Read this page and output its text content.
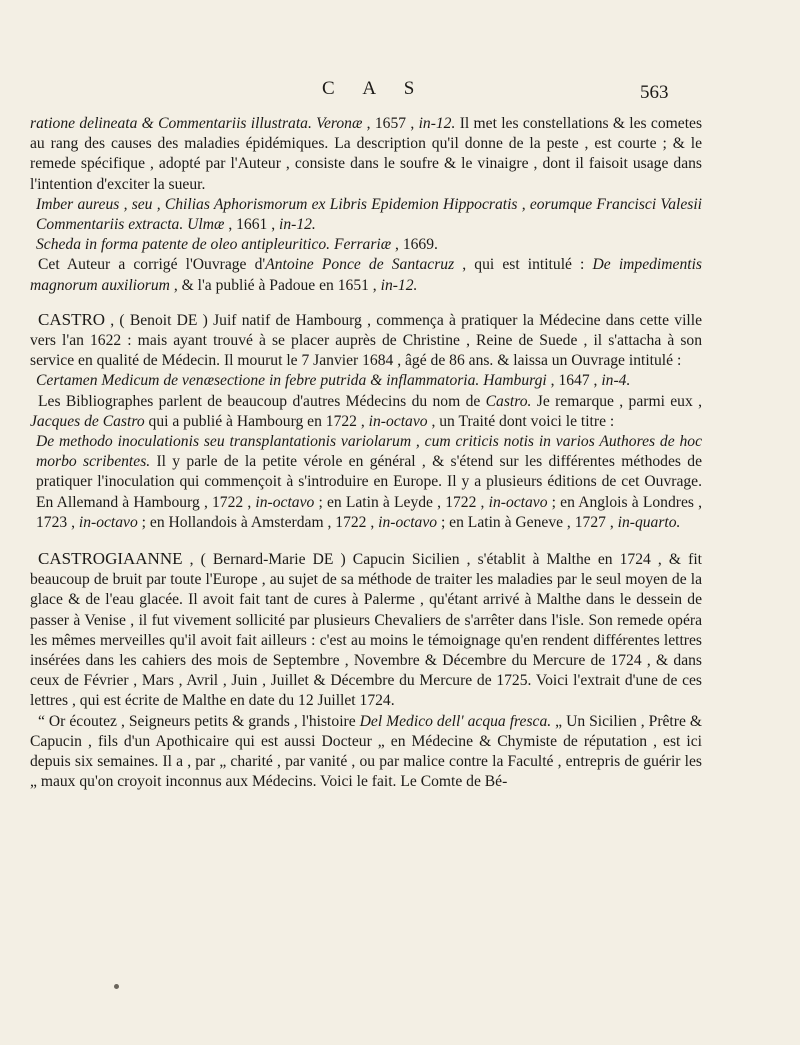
C A S	563

ratione delineata & Commentariis illustrata. Veronæ , 1657 , in-12. Il met les constellations & les cometes au rang des causes des maladies épidémiques. La description qu'il donne de la peste , est courte ; & le remede spécifique , adopté par l'Auteur , consiste dans le soufre & le vinaigre , dont il faisoit usage dans l'intention d'exciter la sueur.

Imber aureus , seu , Chilias Aphorismorum ex Libris Epidemion Hippocratis , eorumque Francisci Valesii Commentariis extracta. Ulmæ , 1661 , in-12.

Scheda in forma patente de oleo antipleuritico. Ferrariæ , 1669.

Cet Auteur a corrigé l'Ouvrage d'Antoine Ponce de Santacruz , qui est intitulé : De impedimentis magnorum auxiliorum , & l'a publié à Padoue en 1651 , in-12.

CASTRO , ( Benoit DE ) Juif natif de Hambourg , commença à pratiquer la Médecine dans cette ville vers l'an 1622 : mais ayant trouvé à se placer auprès de Christine , Reine de Suede , il s'attacha à son service en qualité de Médecin. Il mourut le 7 Janvier 1684 , âgé de 86 ans. & laissa un Ouvrage intitulé :

Certamen Medicum de venæsectione in febre putrida & inflammatoria. Hamburgi , 1647 , in-4.

Les Bibliographes parlent de beaucoup d'autres Médecins du nom de Castro. Je remarque , parmi eux , Jacques de Castro qui a publié à Hambourg en 1722 , in-octavo , un Traité dont voici le titre :

De methodo inoculationis seu transplantationis variolarum , cum criticis notis in varios Authores de hoc morbo scribentes. Il y parle de la petite vérole en général , & s'étend sur les différentes méthodes de pratiquer l'inoculation qui commençoit à s'introduire en Europe. Il y a plusieurs éditions de cet Ouvrage. En Allemand à Hambourg , 1722 , in-octavo ; en Latin à Leyde , 1722 , in-octavo ; en Anglois à Londres , 1723 , in-octavo ; en Hollandois à Amsterdam , 1722 , in-octavo ; en Latin à Geneve , 1727 , in-quarto.

CASTROGIAANNE , ( Bernard-Marie DE ) Capucin Sicilien , s'établit à Malthe en 1724 , & fit beaucoup de bruit par toute l'Europe , au sujet de sa méthode de traiter les maladies par le seul moyen de la glace & de l'eau glacée. Il avoit fait tant de cures à Palerme , qu'étant arrivé à Malthe dans le dessein de passer à Venise , il fut vivement sollicité par plusieurs Chevaliers de s'arrêter dans l'isle. Son remede opéra les mêmes merveilles qu'il avoit fait ailleurs : c'est au moins le témoignage qu'en rendent différentes lettres insérées dans les cahiers des mois de Septembre , Novembre & Décembre du Mercure de 1724 , & dans ceux de Février , Mars , Avril , Juin , Juillet & Décembre du Mercure de 1725. Voici l'extrait d'une de ces lettres , qui est écrite de Malthe en date du 12 Juillet 1724.

“ Or écoutez , Seigneurs petits & grands , l'histoire Del Medico dell' acqua fresca. „ Un Sicilien , Prêtre & Capucin , fils d'un Apothicaire qui est aussi Docteur „ en Médecine & Chymiste de réputation , est ici depuis six semaines. Il a , par „ charité , par vanité , ou par malice contre la Faculté , entrepris de guérir les „ maux qu'on croyoit inconnus aux Médecins. Voici le fait. Le Comte de Bé-
